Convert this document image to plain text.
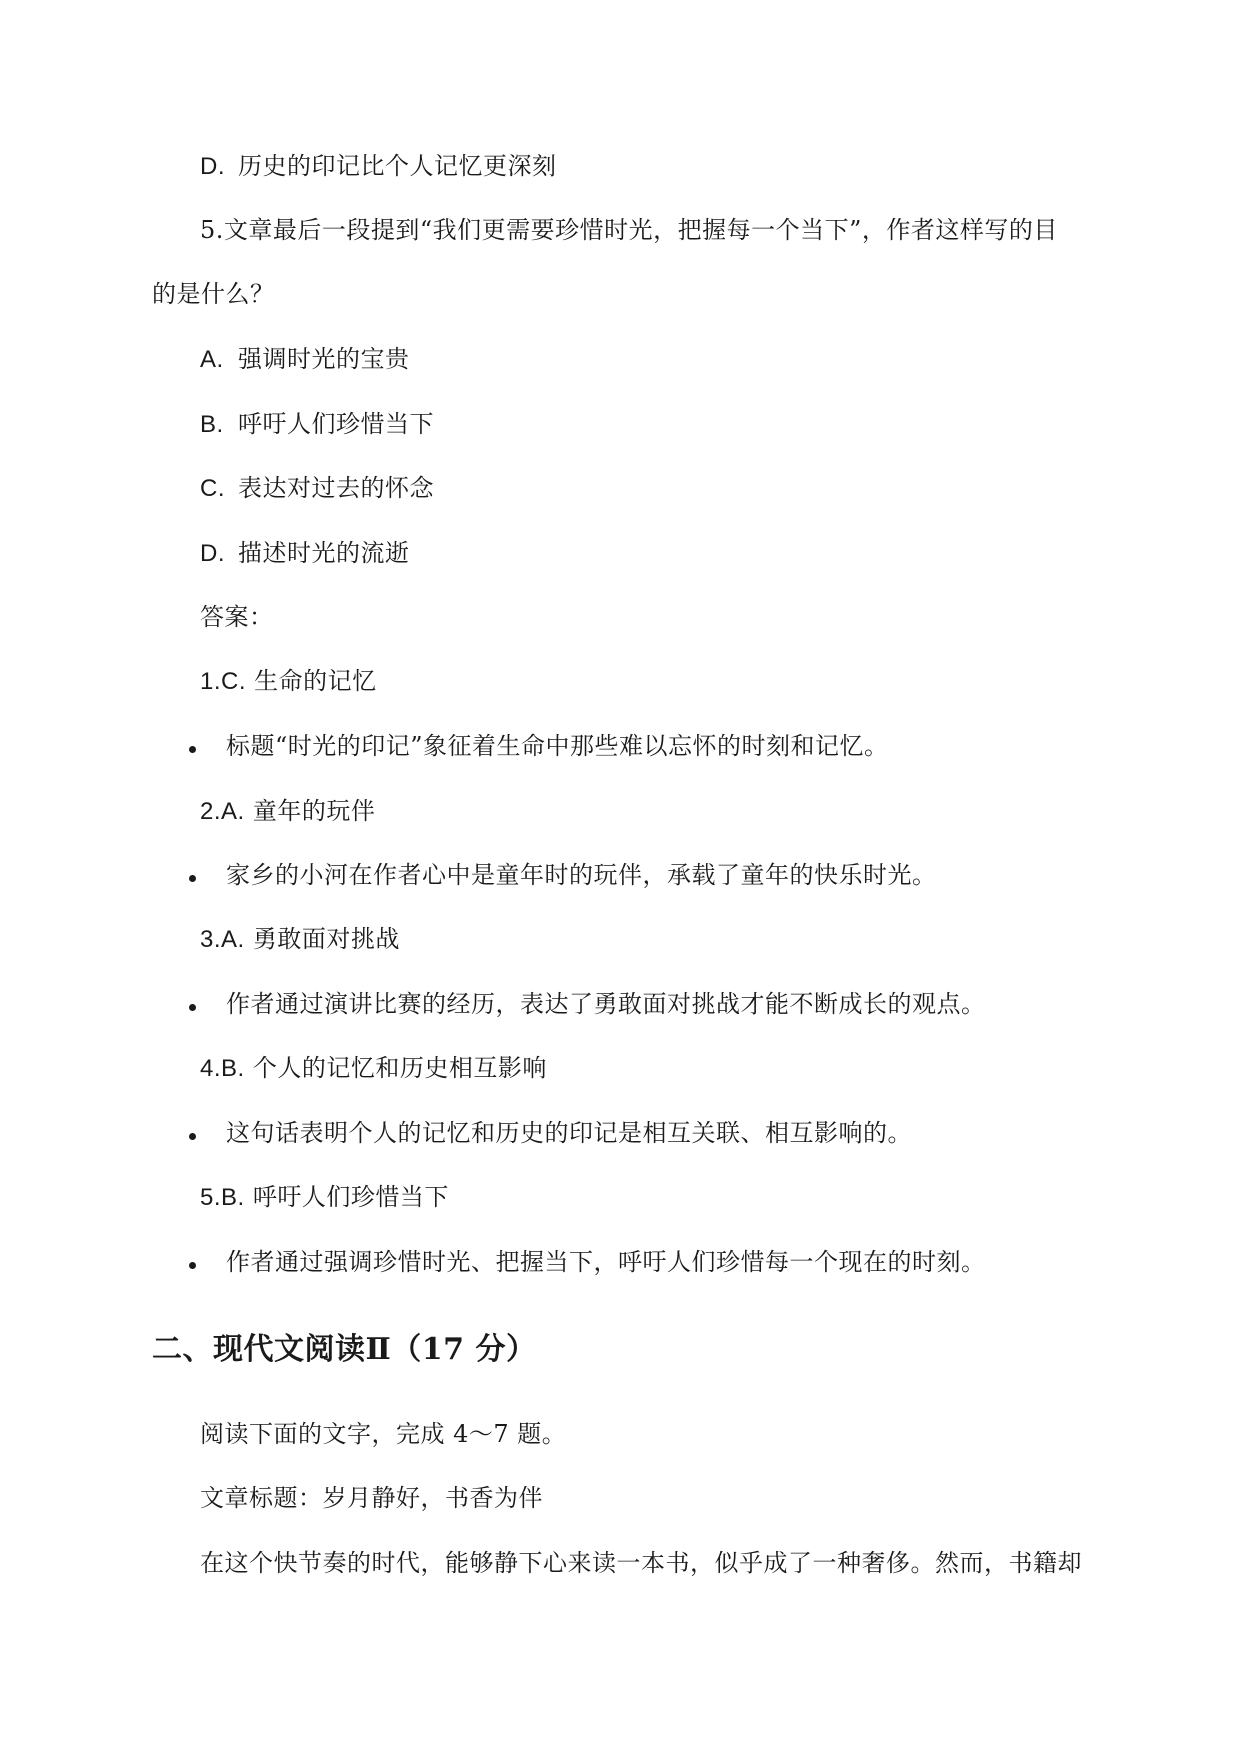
D. 历史的印记比个人记忆更深刻
5.文章最后一段提到“我们更需要珍惜时光，把握每一个当下”，作者这样写的目
的是什么？
A. 强调时光的宝贵
B. 呼吁人们珍惜当下
C. 表达对过去的怀念
D. 描述时光的流逝
答案：
1.C. 生命的记忆
标题“时光的印记”象征着生命中那些难以忘怀的时刻和记忆。
2.A. 童年的玩伴
家乡的小河在作者心中是童年时的玩伴，承载了童年的快乐时光。
3.A. 勇敢面对挑战
作者通过演讲比赛的经历，表达了勇敢面对挑战才能不断成长的观点。
4.B. 个人的记忆和历史相互影响
这句话表明个人的记忆和历史的印记是相互关联、相互影响的。
5.B. 呼吁人们珍惜当下
作者通过强调珍惜时光、把握当下，呼吁人们珍惜每一个现在的时刻。
二、现代文阅读Ⅱ（17 分）
阅读下面的文字，完成 4～7 题。
文章标题：岁月静好，书香为伴
在这个快节奏的时代，能够静下心来读一本书，似乎成了一种奢侈。然而，书籍却
